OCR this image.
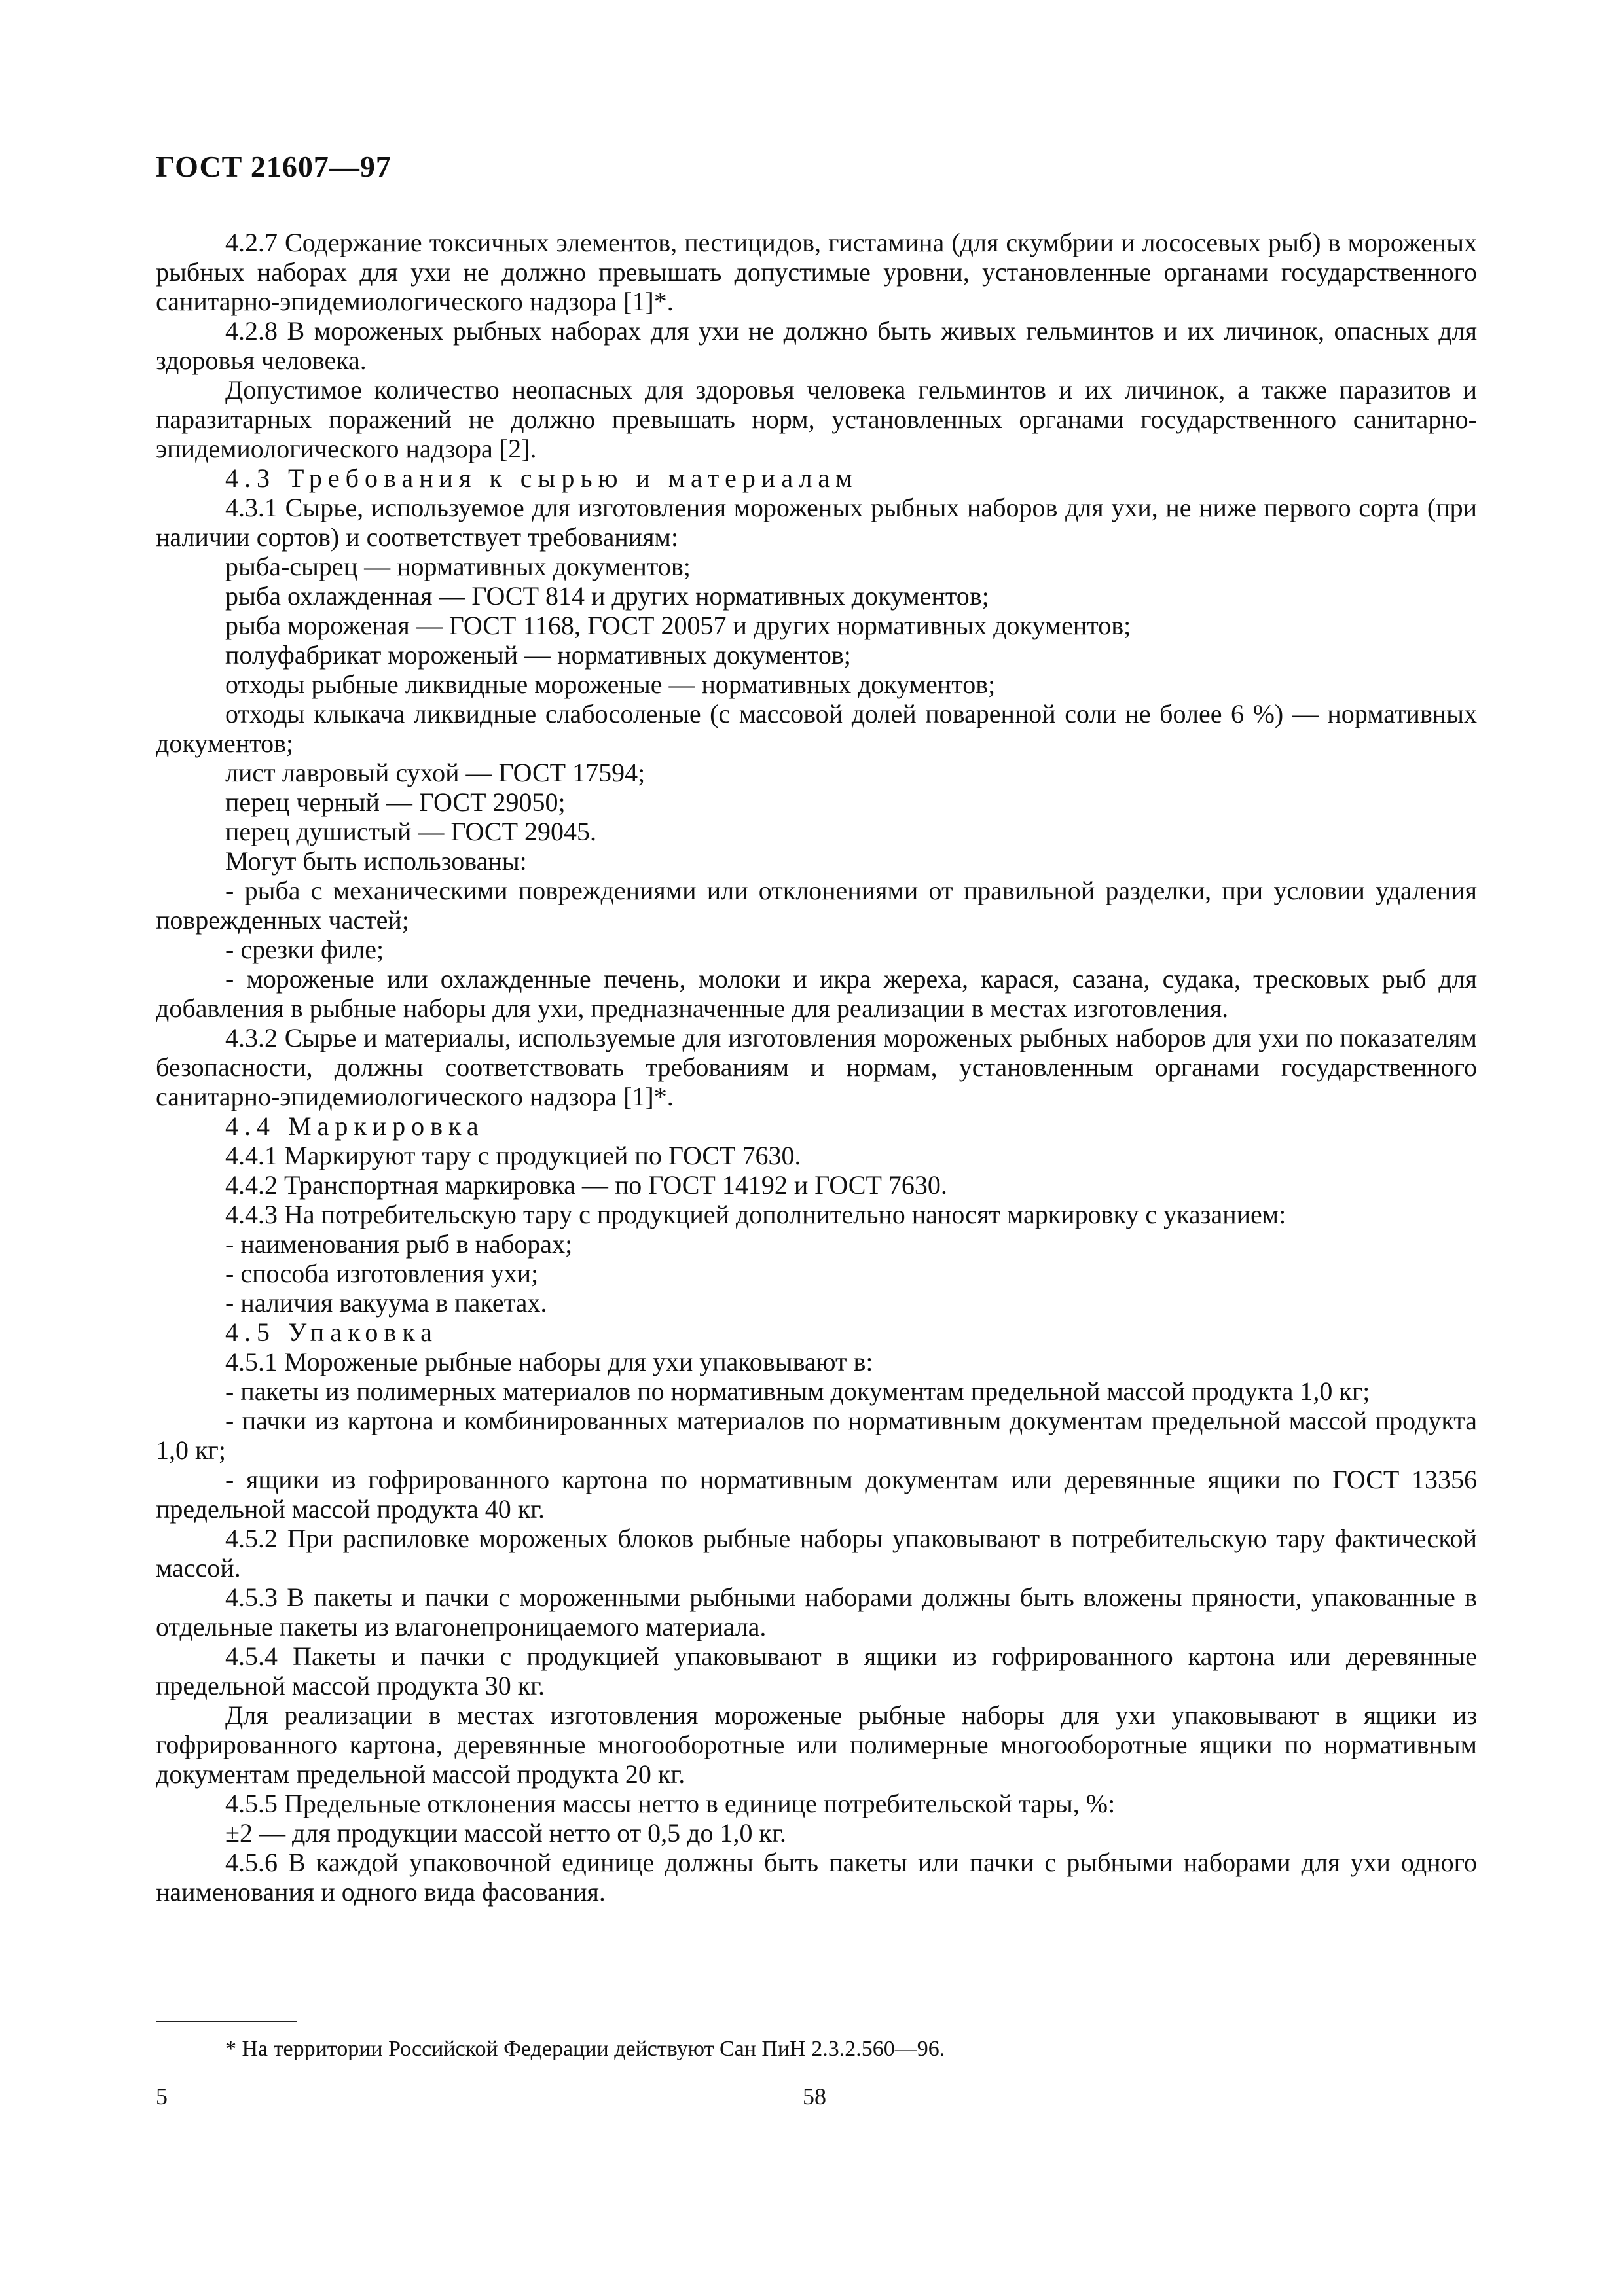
ГОСТ 21607—97

4.2.7 Содержание токсичных элементов, пестицидов, гистамина (для скумбрии и лососевых рыб) в мороженых рыбных наборах для ухи не должно превышать допустимые уровни, установленные органами государственного санитарно-эпидемиологического надзора [1]*.

4.2.8 В мороженых рыбных наборах для ухи не должно быть живых гельминтов и их личинок, опасных для здоровья человека.

Допустимое количество неопасных для здоровья человека гельминтов и их личинок, а также паразитов и паразитарных поражений не должно превышать норм, установленных органами государственного санитарно-эпидемиологического надзора [2].

4.3 Требования к сырью и материалам

4.3.1 Сырье, используемое для изготовления мороженых рыбных наборов для ухи, не ниже первого сорта (при наличии сортов) и соответствует требованиям:

рыба-сырец — нормативных документов;

рыба охлажденная — ГОСТ 814 и других нормативных документов;

рыба мороженая — ГОСТ 1168, ГОСТ 20057 и других нормативных документов;

полуфабрикат мороженый — нормативных документов;

отходы рыбные ликвидные мороженые — нормативных документов;

отходы клыкача ликвидные слабосоленые (с массовой долей поваренной соли не более 6 %) — нормативных документов;

лист лавровый сухой — ГОСТ 17594;

перец черный — ГОСТ 29050;

перец душистый — ГОСТ 29045.

Могут быть использованы:

- рыба с механическими повреждениями или отклонениями от правильной разделки, при условии удаления поврежденных частей;

- срезки филе;

- мороженые или охлажденные печень, молоки и икра жереха, карася, сазана, судака, тресковых рыб для добавления в рыбные наборы для ухи, предназначенные для реализации в местах изготовления.

4.3.2 Сырье и материалы, используемые для изготовления мороженых рыбных наборов для ухи по показателям безопасности, должны соответствовать требованиям и нормам, установленным органами государственного санитарно-эпидемиологического надзора [1]*.

4.4 Маркировка

4.4.1 Маркируют тару с продукцией по ГОСТ 7630.

4.4.2 Транспортная маркировка — по ГОСТ 14192 и ГОСТ 7630.

4.4.3 На потребительскую тару с продукцией дополнительно наносят маркировку с указанием:

- наименования рыб в наборах;

- способа изготовления ухи;

- наличия вакуума в пакетах.

4.5 Упаковка

4.5.1 Мороженые рыбные наборы для ухи упаковывают в:

- пакеты из полимерных материалов по нормативным документам предельной массой продукта 1,0 кг;

- пачки из картона и комбинированных материалов по нормативным документам предельной массой продукта 1,0 кг;

- ящики из гофрированного картона по нормативным документам или деревянные ящики по ГОСТ 13356 предельной массой продукта 40 кг.

4.5.2 При распиловке мороженых блоков рыбные наборы упаковывают в потребительскую тару фактической массой.

4.5.3 В пакеты и пачки с мороженными рыбными наборами должны быть вложены пряности, упакованные в отдельные пакеты из влагонепроницаемого материала.

4.5.4 Пакеты и пачки с продукцией упаковывают в ящики из гофрированного картона или деревянные предельной массой продукта 30 кг.

Для реализации в местах изготовления мороженые рыбные наборы для ухи упаковывают в ящики из гофрированного картона, деревянные многооборотные или полимерные многооборотные ящики по нормативным документам предельной массой продукта 20 кг.

4.5.5 Предельные отклонения массы нетто в единице потребительской тары, %:

±2 — для продукции массой нетто от 0,5 до 1,0 кг.

4.5.6 В каждой упаковочной единице должны быть пакеты или пачки с рыбными наборами для ухи одного наименования и одного вида фасования.

* На территории Российской Федерации действуют Сан ПиН 2.3.2.560—96.
5	58
